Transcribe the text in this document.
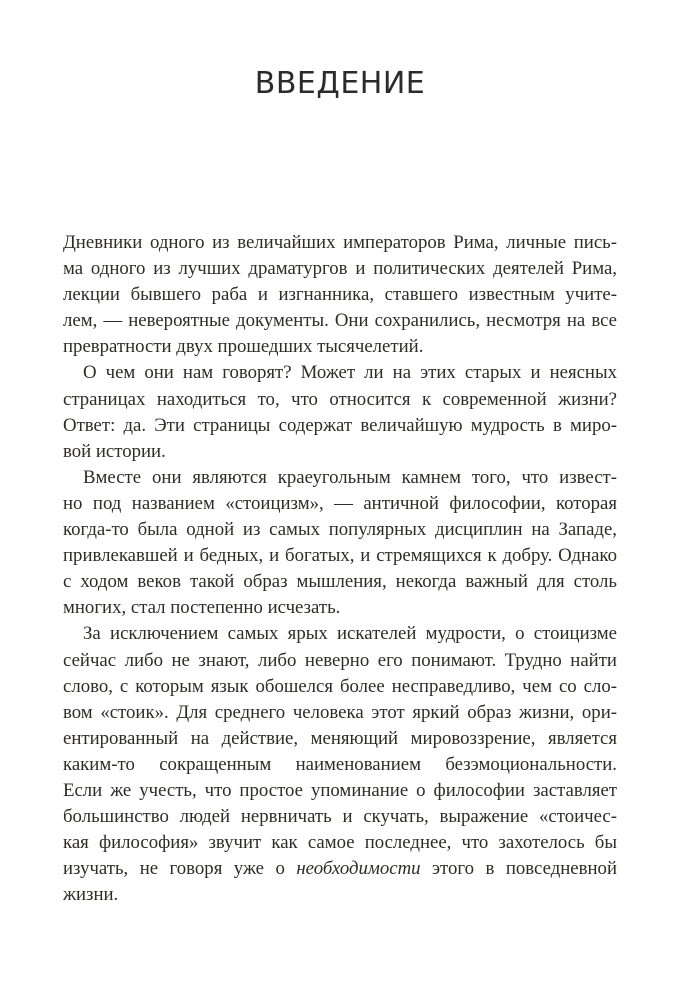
ВВЕДЕНИЕ
Дневники одного из величайших императоров Рима, личные пись-
ма одного из лучших драматургов и политических деятелей Рима,
лекции бывшего раба и изгнанника, ставшего известным учите-
лем, — невероятные документы. Они сохранились, несмотря на все
превратности двух прошедших тысячелетий.
О чем они нам говорят? Может ли на этих старых и неясных
страницах находиться то, что относится к современной жизни?
Ответ: да. Эти страницы содержат величайшую мудрость в миро-
вой истории.
Вместе они являются краеугольным камнем того, что извест-
но под названием «стоицизм», — античной философии, которая
когда-то была одной из самых популярных дисциплин на Западе,
привлекавшей и бедных, и богатых, и стремящихся к добру. Однако
с ходом веков такой образ мышления, некогда важный для столь
многих, стал постепенно исчезать.
За исключением самых ярых искателей мудрости, о стоицизме
сейчас либо не знают, либо неверно его понимают. Трудно найти
слово, с которым язык обошелся более несправедливо, чем со сло-
вом «стоик». Для среднего человека этот яркий образ жизни, ори-
ентированный на действие, меняющий мировоззрение, является
каким-то сокращенным наименованием безэмоциональности.
Если же учесть, что простое упоминание о философии заставляет
большинство людей нервничать и скучать, выражение «стоичес-
кая философия» звучит как самое последнее, что захотелось бы
изучать, не говоря уже о необходимости этого в повседневной
жизни.
